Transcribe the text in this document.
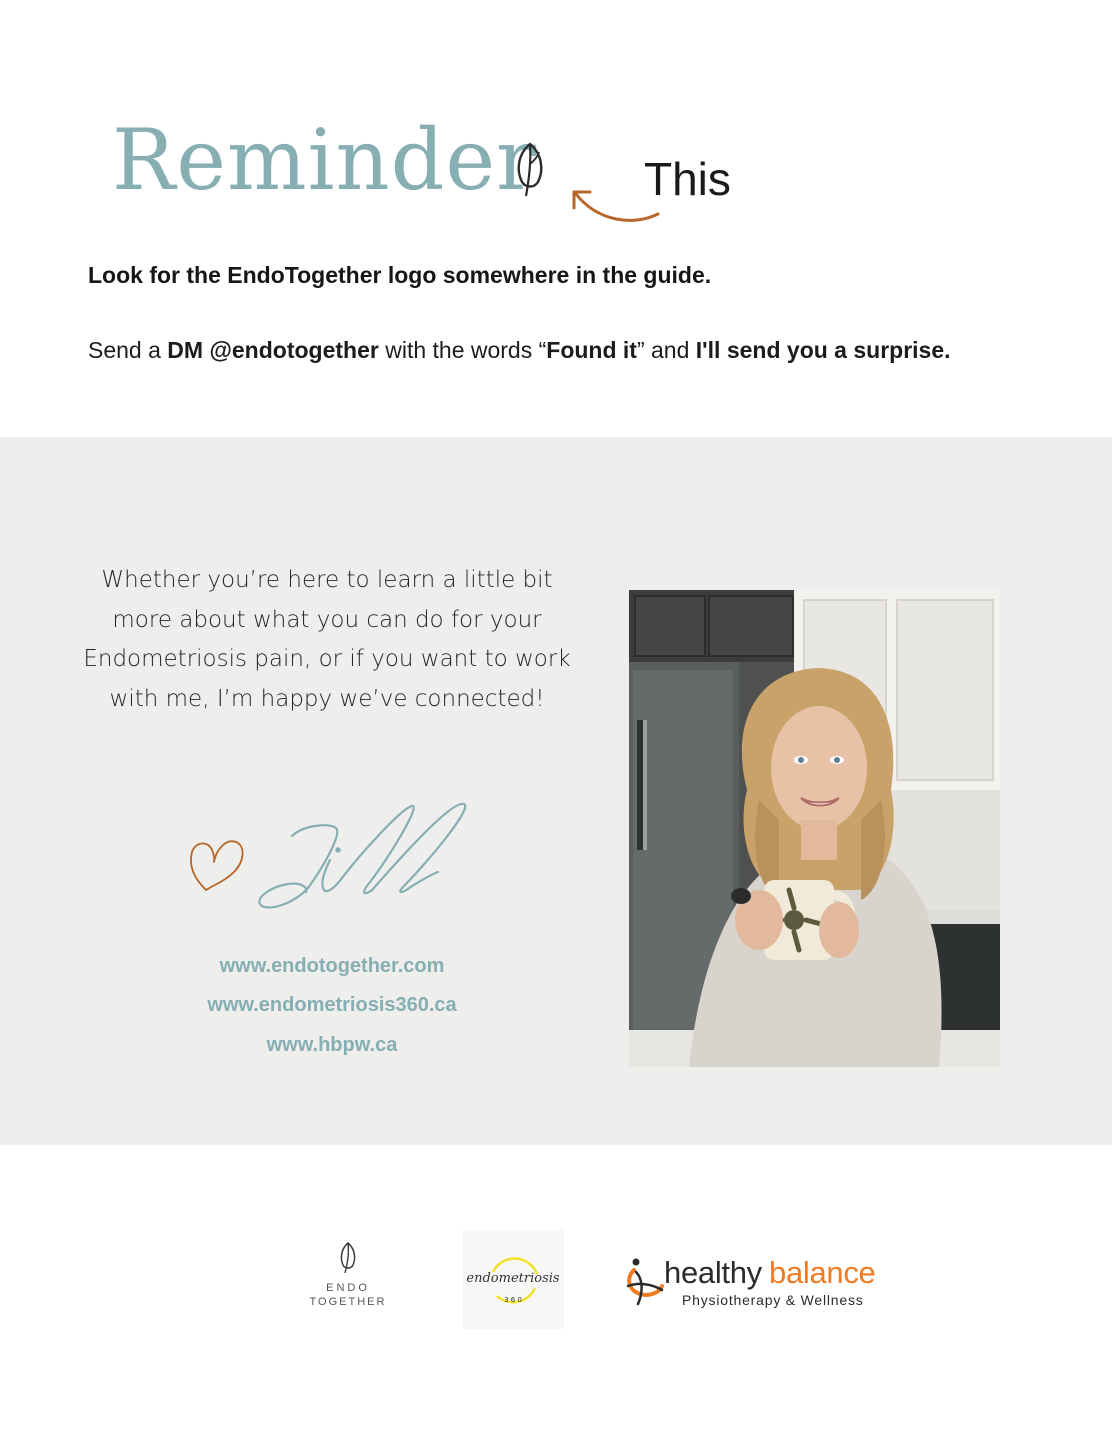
Reminder This
Look for the EndoTogether logo somewhere in the guide.
Send a DM @endotogether with the words “Found it” and I'll send you a surprise.
Whether you’re here to learn a little bit more about what you can do for your Endometriosis pain, or if you want to work with me, I’m happy we’ve connected!
www.endotogether.com
www.endometriosis360.ca
www.hbpw.ca
ENDO
TOGETHER
endometriosis
3 6 0
healthy balance
Physiotherapy & Wellness
